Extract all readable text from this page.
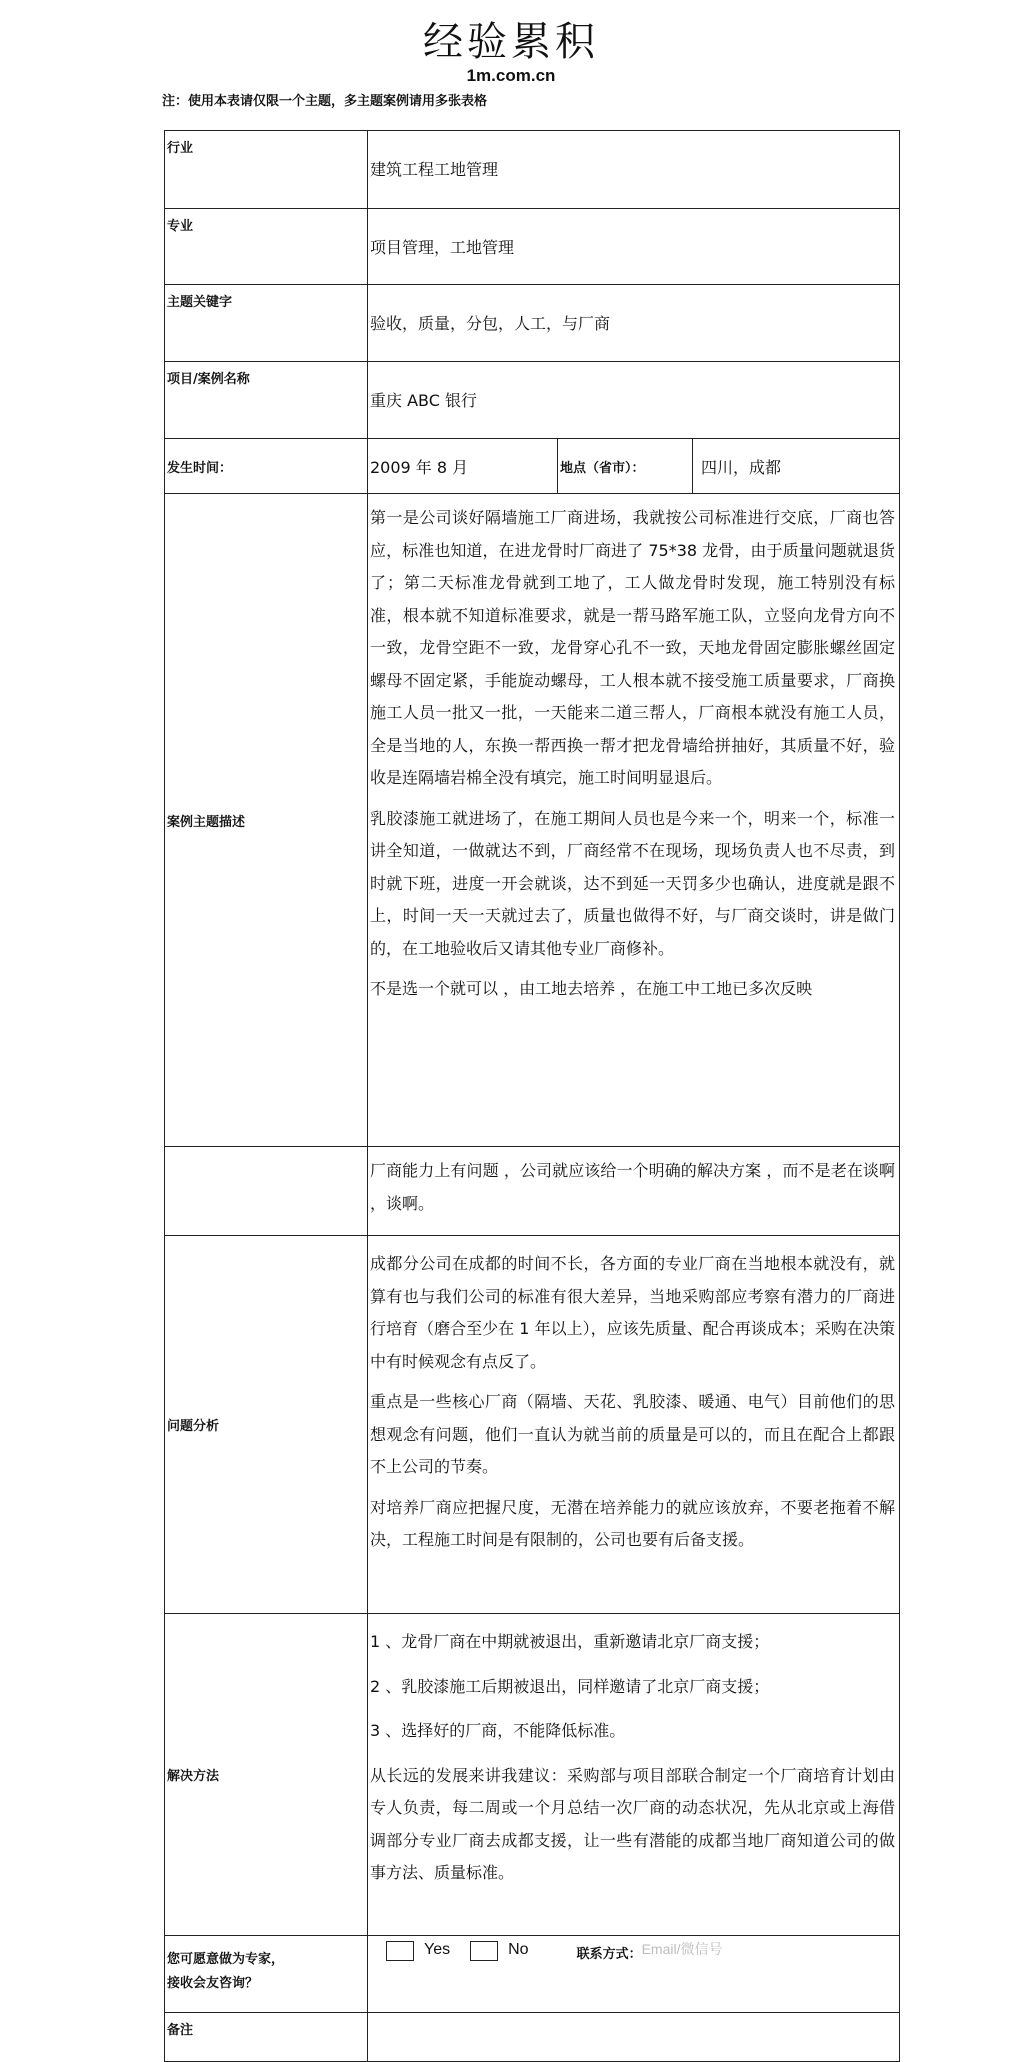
经验累积
1m.com.cn
注：使用本表请仅限一个主题，多主题案例请用多张表格
行业
建筑工程工地管理
专业
项目管理，工地管理
主题关键字
验收，质量，分包，人工，与厂商
项目/案例名称
重庆 ABC 银行
发生时间：	2009 年 8 月	地点（省市）：	四川，成都
案例主题描述

第一是公司谈好隔墙施工厂商进场，我就按公司标准进行交底，厂商也答应，标准也知道，在进龙骨时厂商进了 75*38 龙骨，由于质量问题就退货了；第二天标准龙骨就到工地了，工人做龙骨时发现，施工特别没有标准，根本就不知道标准要求，就是一帮马路军施工队，立竖向龙骨方向不一致，龙骨空距不一致，龙骨穿心孔不一致，天地龙骨固定膨胀螺丝固定螺母不固定紧，手能旋动螺母，工人根本就不接受施工质量要求，厂商换施工人员一批又一批，一天能来二道三帮人，厂商根本就没有施工人员，全是当地的人，东换一帮西换一帮才把龙骨墙给拼抽好，其质量不好，验收是连隔墙岩棉全没有填完，施工时间明显退后。

乳胶漆施工就进场了，在施工期间人员也是今来一个，明来一个，标准一讲全知道，一做就达不到，厂商经常不在现场，现场负责人也不尽责，到时就下班，进度一开会就谈，达不到延一天罚多少也确认，进度就是跟不上，时间一天一天就过去了，质量也做得不好，与厂商交谈时，讲是做门的，在工地验收后又请其他专业厂商修补。

不是选一个就可以 ，由工地去培养 ，在施工中工地已多次反映

厂商能力上有问题 ，公司就应该给一个明确的解决方案 ，而不是老在谈啊 ，谈啊。

问题分析

成都分公司在成都的时间不长，各方面的专业厂商在当地根本就没有，就算有也与我们公司的标准有很大差异，当地采购部应考察有潜力的厂商进行培育（磨合至少在 1 年以上），应该先质量、配合再谈成本；采购在决策中有时候观念有点反了。

重点是一些核心厂商（隔墙、天花、乳胶漆、暖通、电气）目前他们的思想观念有问题，他们一直认为就当前的质量是可以的，而且在配合上都跟不上公司的节奏。

对培养厂商应把握尺度，无潜在培养能力的就应该放弃，不要老拖着不解决，工程施工时间是有限制的，公司也要有后备支援。

解决方法

1 、龙骨厂商在中期就被退出，重新邀请北京厂商支援；

2 、乳胶漆施工后期被退出，同样邀请了北京厂商支援；

3 、选择好的厂商，不能降低标准。

从长远的发展来讲我建议：采购部与项目部联合制定一个厂商培育计划由专人负责，每二周或一个月总结一次厂商的动态状况，先从北京或上海借调部分专业厂商去成都支援，让一些有潜能的成都当地厂商知道公司的做事方法、质量标准。

您可愿意做为专家，
接收会友咨询？
Yes	No	联系方式：
Email/微信号
备注
